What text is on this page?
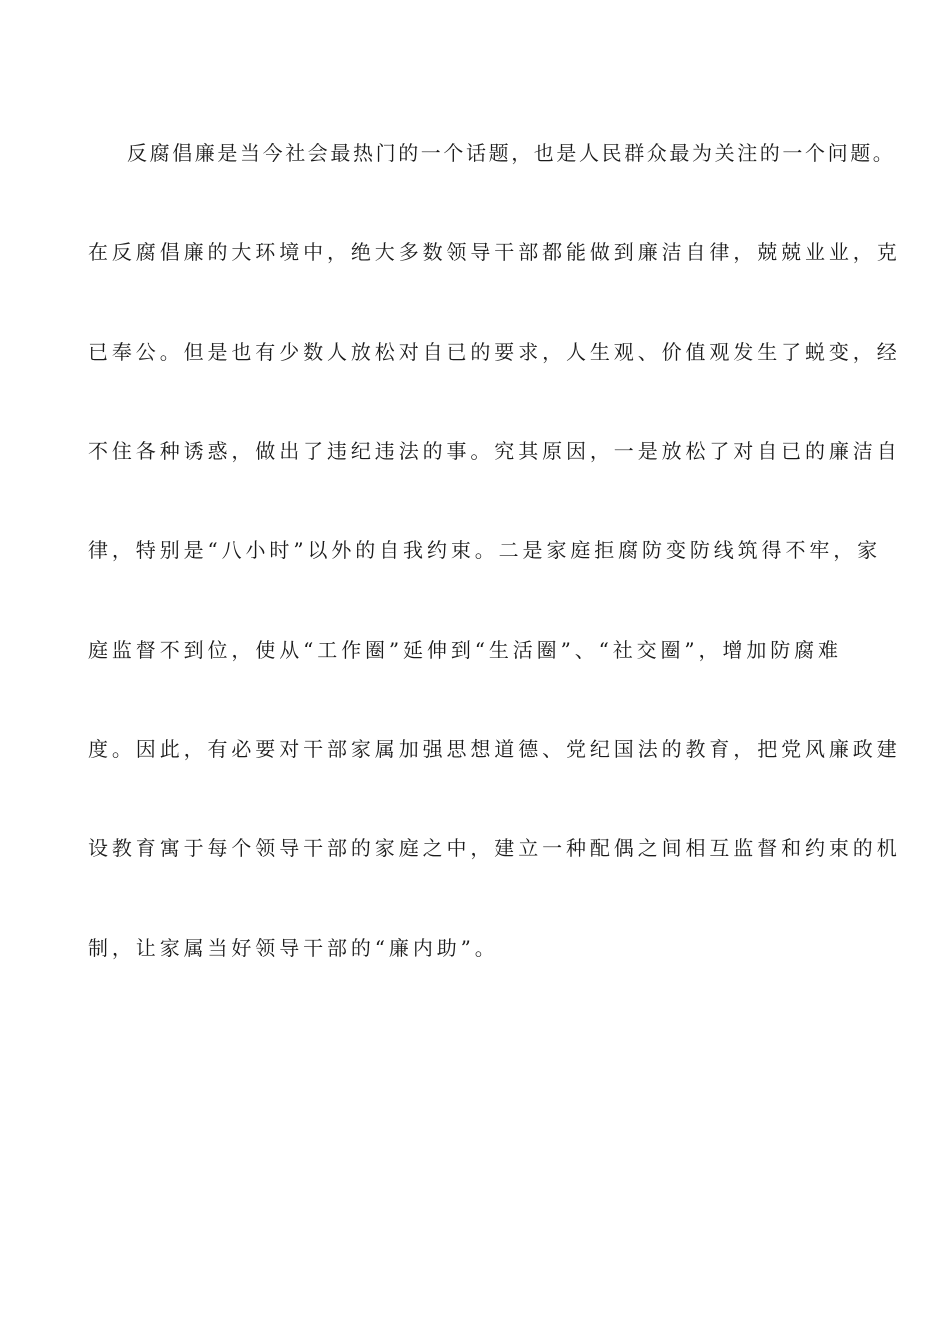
反腐倡廉是当今社会最热门的一个话题，也是人民群众最为关注的一个问题。
在反腐倡廉的大环境中，绝大多数领导干部都能做到廉洁自律，兢兢业业，克
已奉公。但是也有少数人放松对自已的要求，人生观、价值观发生了蜕变，经
不住各种诱惑，做出了违纪违法的事。究其原因，一是放松了对自已的廉洁自
律，特别是“八小时”以外的自我约束。二是家庭拒腐防变防线筑得不牢，家
庭监督不到位，使从“工作圈”延伸到“生活圈”、“社交圈”，增加防腐难
度。因此，有必要对干部家属加强思想道德、党纪国法的教育，把党风廉政建
设教育寓于每个领导干部的家庭之中，建立一种配偶之间相互监督和约束的机
制，让家属当好领导干部的“廉内助”。
